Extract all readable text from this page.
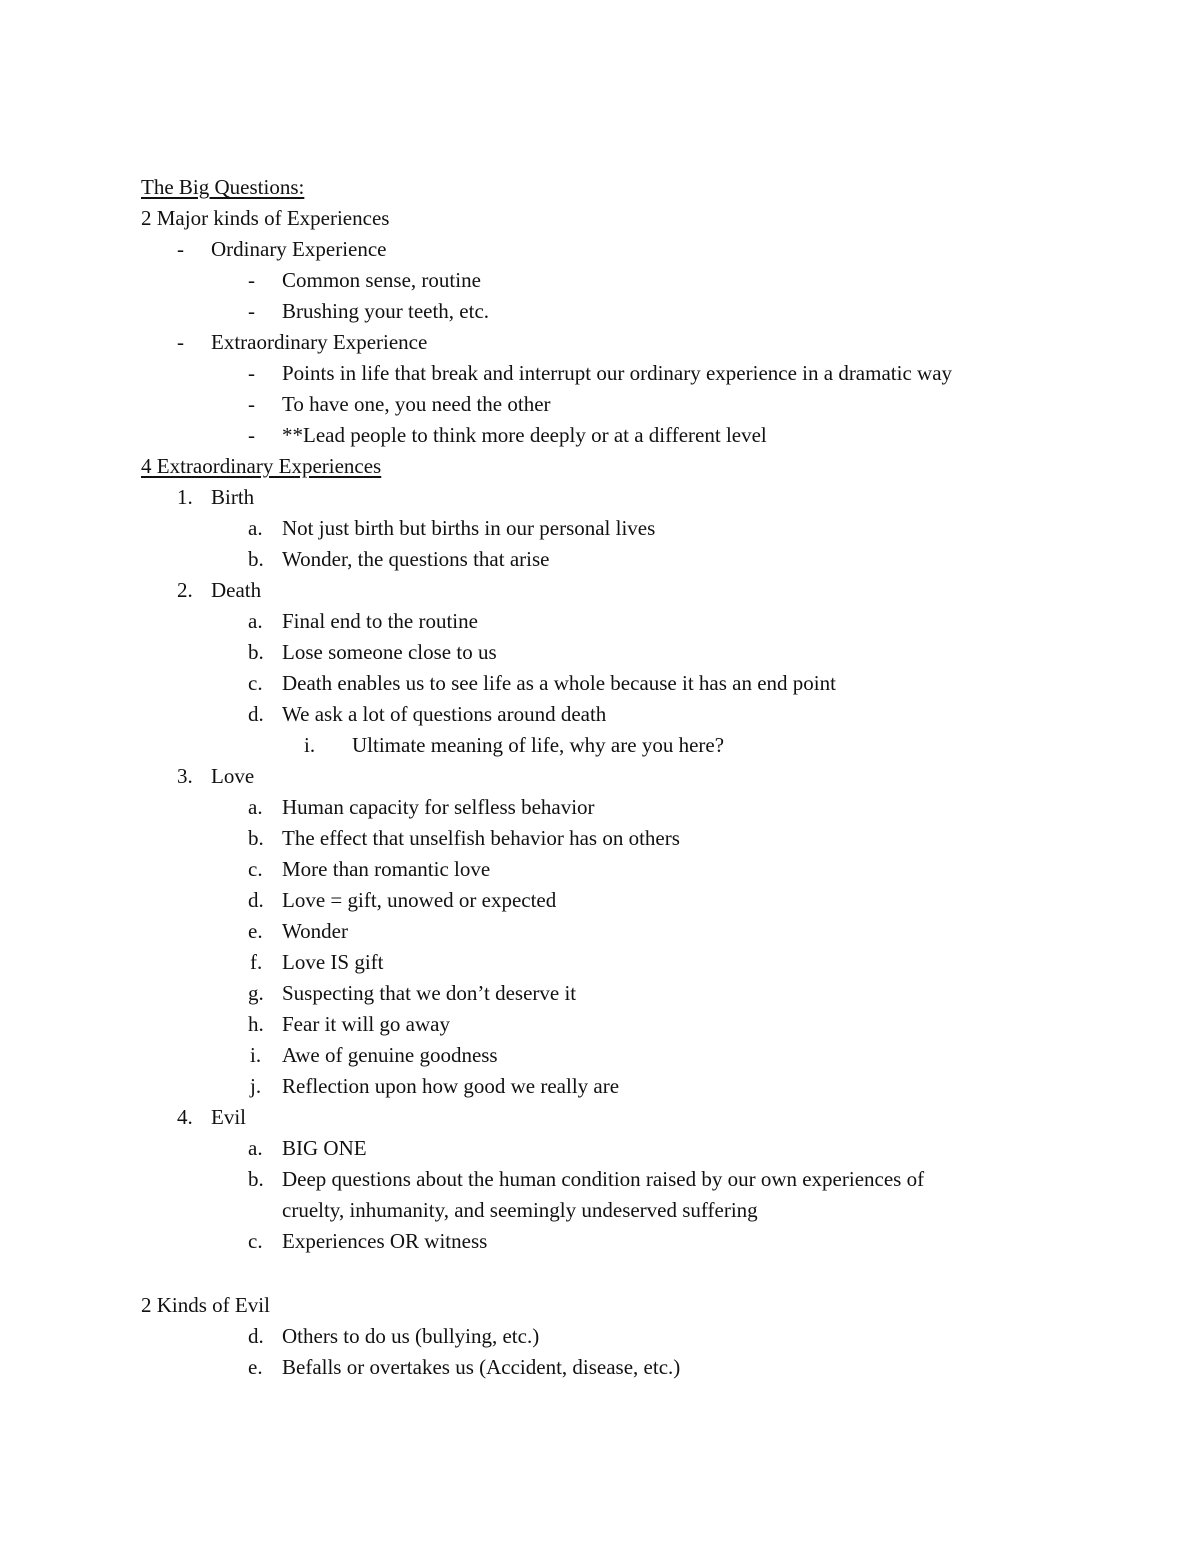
The Big Questions:
2 Major kinds of Experiences
- Ordinary Experience
- Common sense, routine
- Brushing your teeth, etc.
- Extraordinary Experience
- Points in life that break and interrupt our ordinary experience in a dramatic way
- To have one, you need the other
- **Lead people to think more deeply or at a different level
4 Extraordinary Experiences
1. Birth
a. Not just birth but births in our personal lives
b. Wonder, the questions that arise
2. Death
a. Final end to the routine
b. Lose someone close to us
c. Death enables us to see life as a whole because it has an end point
d. We ask a lot of questions around death
i. Ultimate meaning of life, why are you here?
3. Love
a. Human capacity for selfless behavior
b. The effect that unselfish behavior has on others
c. More than romantic love
d. Love = gift, unowed or expected
e. Wonder
f. Love IS gift
g. Suspecting that we don’t deserve it
h. Fear it will go away
i. Awe of genuine goodness
j. Reflection upon how good we really are
4. Evil
a. BIG ONE
b. Deep questions about the human condition raised by our own experiences of
cruelty, inhumanity, and seemingly undeserved suffering
c. Experiences OR witness
2 Kinds of Evil
d. Others to do us (bullying, etc.)
e. Befalls or overtakes us (Accident, disease, etc.)
